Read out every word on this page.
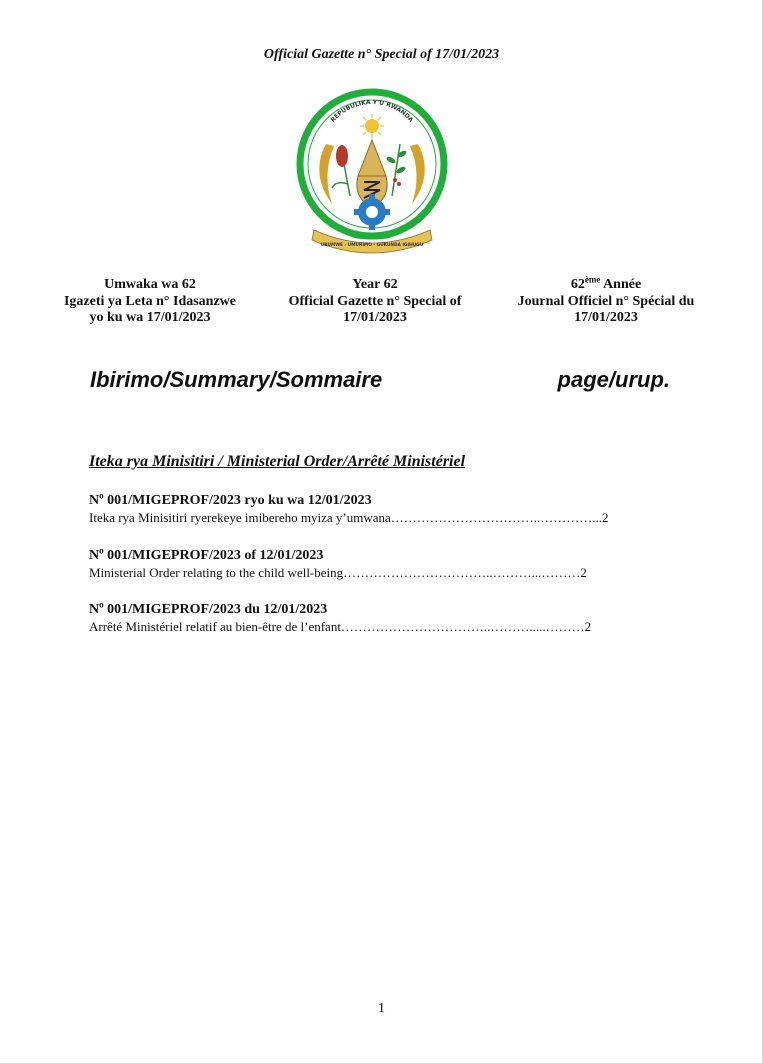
Official Gazette n° Special of 17/01/2023
REPUBULIKA Y'U RWANDA
UBUMWE - UMURIMO - GUKUNDA IGIHUGU
Umwaka wa 62
Igazeti ya Leta n° Idasanzwe
yo ku wa 17/01/2023
Year 62
Official Gazette n° Special of
17/01/2023
62ème Année
Journal Officiel n° Spécial du
17/01/2023
Ibirimo/Summary/Sommaire	page/urup.
Iteka rya Minisitiri / Ministerial Order/Arrêté Ministériel
$N^o$ 001/MIGEPROF/2023 ryo ku wa 12/01/2023
Iteka rya Minisitiri ryerekeye imibereho myiza y’umwana……………………………..…………...2
$N^o$ 001/MIGEPROF/2023 of 12/01/2023
Ministerial Order relating to the child well-being……………………………..………...………2
$N^o$ 001/MIGEPROF/2023 du 12/01/2023
Arrêté Ministériel relatif au bien-être de l’enfant……………………………..……….....………2
1
